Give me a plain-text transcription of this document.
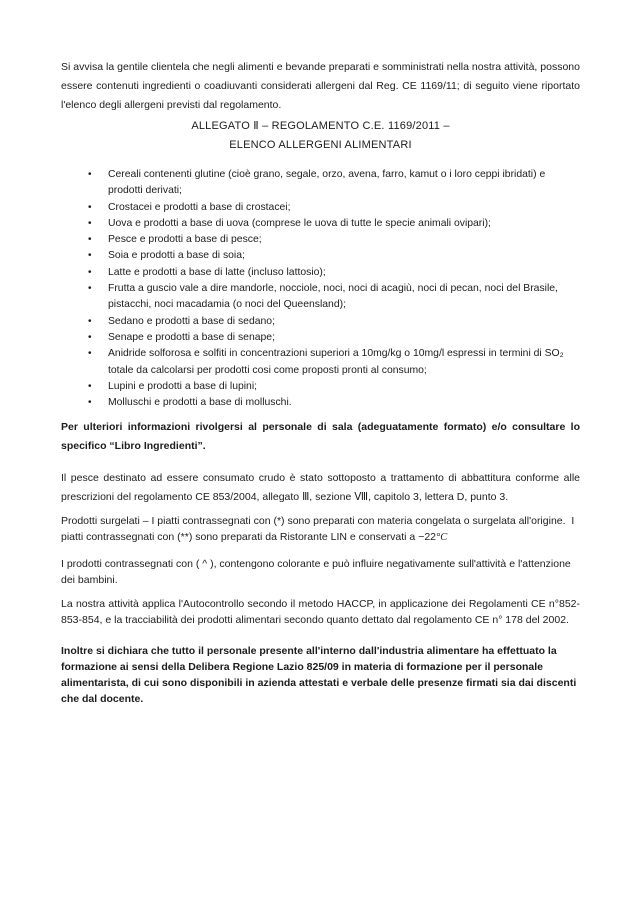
Si avvisa la gentile clientela che negli alimenti e bevande preparati e somministrati nella nostra attività, possono essere contenuti ingredienti o coadiuvanti considerati allergeni dal Reg. CE 1169/11; di seguito viene riportato l'elenco degli allergeni previsti dal regolamento.

ALLEGATO Ⅱ – REGOLAMENTO C.E. 1169/2011 –
ELENCO ALLERGENI ALIMENTARI
• Cereali contenenti glutine (cioè grano, segale, orzo, avena, farro, kamut o i loro ceppi ibridati) e prodotti derivati;
• Crostacei e prodotti a base di crostacei;
• Uova e prodotti a base di uova (comprese le uova di tutte le specie animali ovipari);
• Pesce e prodotti a base di pesce;
• Soia e prodotti a base di soia;
• Latte e prodotti a base di latte (incluso lattosio);
• Frutta a guscio vale a dire mandorle, nocciole, noci, noci di acagiù, noci di pecan, noci del Brasile, pistacchi, noci macadamia (o noci del Queensland);
• Sedano e prodotti a base di sedano;
• Senape e prodotti a base di senape;
• Anidride solforosa e solfiti in concentrazioni superiori a 10mg/kg o 10mg/l espressi in termini di SO₂ totale da calcolarsi per prodotti cosi come proposti pronti al consumo;
• Lupini e prodotti a base di lupini;
• Molluschi e prodotti a base di molluschi.

Per ulteriori informazioni rivolgersi al personale di sala (adeguatamente formato) e/o consultare lo specifico “Libro Ingredienti”.

Il pesce destinato ad essere consumato crudo è stato sottoposto a trattamento di abbattitura conforme alle prescrizioni del regolamento CE 853/2004, allegato Ⅲ, sezione Ⅷ, capitolo 3, lettera D, punto 3.

Prodotti surgelati – I piatti contrassegnati con (*) sono preparati con materia congelata o surgelata all'origine.  I piatti contrassegnati con (**) sono preparati da Ristorante LIN e conservati a −22°C

I prodotti contrassegnati con ( ^ ), contengono colorante e può influire negativamente sull'attività e l'attenzione dei bambini.

La nostra attività applica l'Autocontrollo secondo il metodo HACCP, in applicazione dei Regolamenti CE n°852-853-854, e la tracciabilità dei prodotti alimentari secondo quanto dettato dal regolamento CE n° 178 del 2002.

Inoltre si dichiara che tutto il personale presente all'interno dall'industria alimentare ha effettuato la formazione ai sensi della Delibera Regione Lazio 825/09 in materia di formazione per il personale alimentarista, di cui sono disponibili in azienda attestati e verbale delle presenze firmati sia dai discenti che dal docente.
